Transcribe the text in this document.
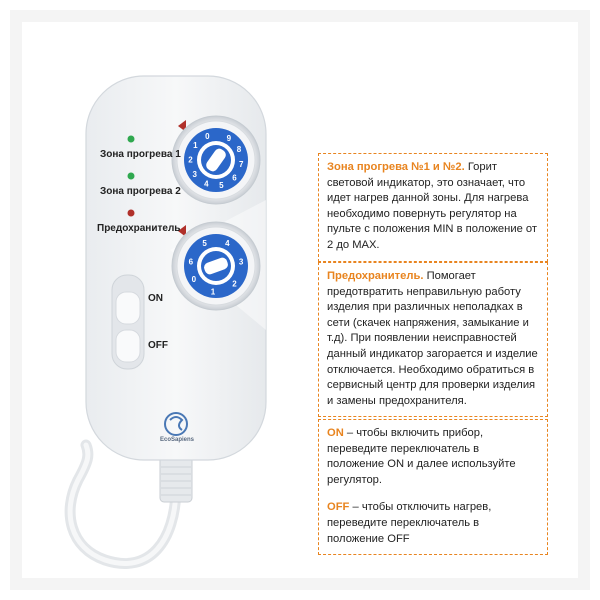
9
8
7
6
5
4
3
2
1
0
6
5 4
3
2
1
0
Зона прогрева 1
Зона прогрева 2
Предохранитель
ON
OFF
EcoSapiens

Зона прогрева №1 и №2. Горит световой индикатор, это означает, что идет нагрев данной зоны. Для нагрева необходимо повернуть регулятор на пульте с положения MIN в положение от 2 до MAX.

Предохранитель. Помогает предотвратить неправильную работу изделия при различных неполадках в сети (скачек напряжения, замыкание и т.д). При появлении неисправностей данный индикатор загорается и изделие отключается. Необходимо обратиться в сервисный центр для проверки изделия и замены предохранителя.

ON – чтобы включить прибор, переведите переключатель в положение ON и далее используйте регулятор.

OFF – чтобы отключить нагрев, переведите переключатель в положение OFF
